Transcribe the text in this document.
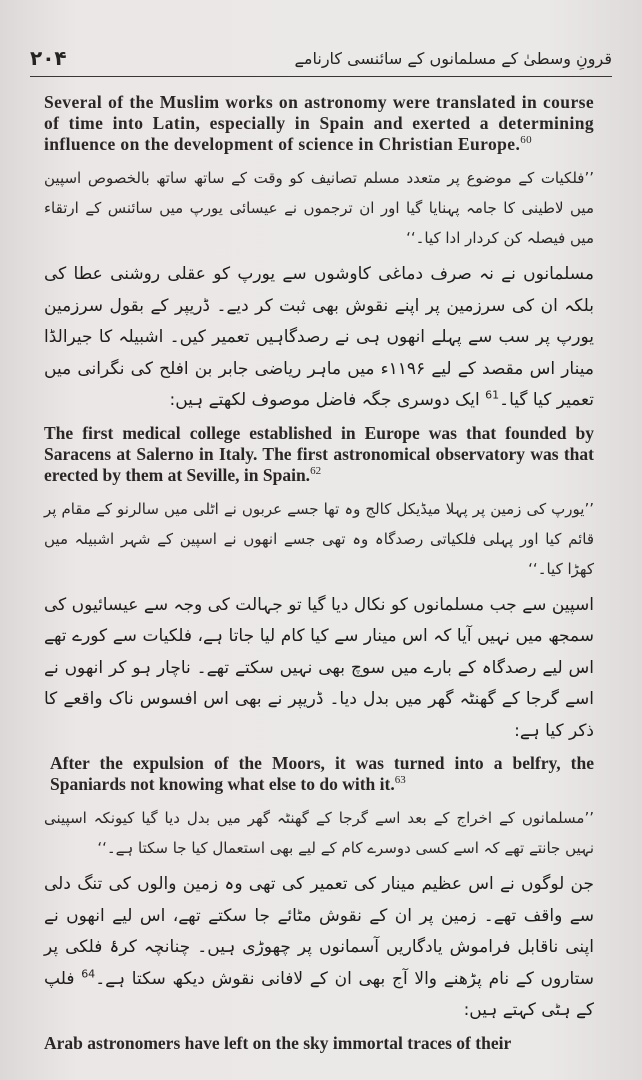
۲۰۴	قرونِ وسطیٰ کے مسلمانوں کے سائنسی کارنامے

Several of the Muslim works on astronomy were translated in course of time into Latin, especially in Spain and exerted a determining influence on the development of science in Christian Europe.$^{60}$

’’فلکیات کے موضوع پر متعدد مسلم تصانیف کو وقت کے ساتھ ساتھ بالخصوص اسپین میں لاطینی کا جامہ پہنایا گیا اور ان ترجموں نے عیسائی یورپ میں سائنس کے ارتقاء میں فیصلہ کن کردار ادا کیا۔‘‘

مسلمانوں نے نہ صرف دماغی کاوشوں سے یورپ کو عقلی روشنی عطا کی بلکہ ان کی سرزمین پر اپنے نقوش بھی ثبت کر دیے۔ ڈریپر کے بقول سرزمین یورپ پر سب سے پہلے انھوں ہی نے رصدگاہیں تعمیر کیں۔ اشبیلہ کا جیرالڈا مینار اس مقصد کے لیے ۱۱۹۶ء میں ماہر ریاضی جابر بن افلح کی نگرانی میں تعمیر کیا گیا۔$^{61}$ ایک دوسری جگہ فاضل موصوف لکھتے ہیں:

The first medical college established in Europe was that founded by Saracens at Salerno in Italy. The first astronomical observatory was that erected by them at Seville, in Spain.$^{62}$

’’یورپ کی زمین پر پہلا میڈیکل کالج وہ تھا جسے عربوں نے اٹلی میں سالرنو کے مقام پر قائم کیا اور پہلی فلکیاتی رصدگاہ وہ تھی جسے انھوں نے اسپین کے شہر اشبیلہ میں کھڑا کیا۔‘‘

اسپین سے جب مسلمانوں کو نکال دیا گیا تو جہالت کی وجہ سے عیسائیوں کی سمجھ میں نہیں آیا کہ اس مینار سے کیا کام لیا جاتا ہے، فلکیات سے کورے تھے اس لیے رصدگاہ کے بارے میں سوچ بھی نہیں سکتے تھے۔ ناچار ہو کر انھوں نے اسے گرجا کے گھنٹہ گھر میں بدل دیا۔ ڈریپر نے بھی اس افسوس ناک واقعے کا ذکر کیا ہے:

After the expulsion of the Moors, it was turned into a belfry, the Spaniards not knowing what else to do with it.$^{63}$

’’مسلمانوں کے اخراج کے بعد اسے گرجا کے گھنٹہ گھر میں بدل دیا گیا کیونکہ اسپینی نہیں جانتے تھے کہ اسے کسی دوسرے کام کے لیے بھی استعمال کیا جا سکتا ہے۔‘‘

جن لوگوں نے اس عظیم مینار کی تعمیر کی تھی وہ زمین والوں کی تنگ دلی سے واقف تھے۔ زمین پر ان کے نقوش مٹائے جا سکتے تھے، اس لیے انھوں نے اپنی ناقابل فراموش یادگاریں آسمانوں پر چھوڑی ہیں۔ چنانچہ کرۂ فلکی پر ستاروں کے نام پڑھنے والا آج بھی ان کے لافانی نقوش دیکھ سکتا ہے۔$^{64}$ فلپ کے ہٹی کہتے ہیں:

Arab astronomers have left on the sky immortal traces of their
